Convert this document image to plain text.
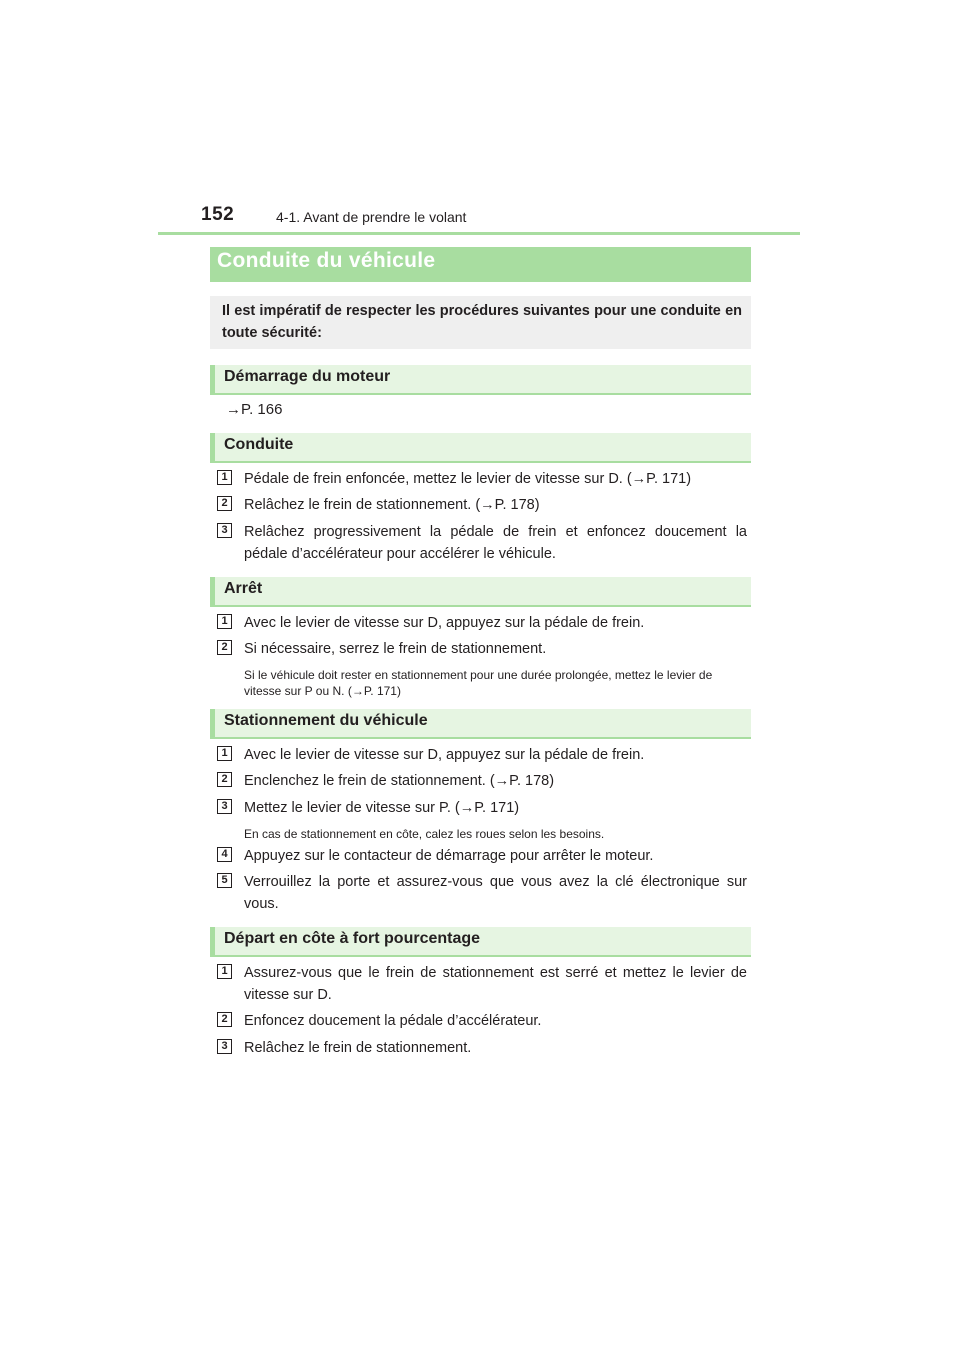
152	4-1. Avant de prendre le volant
Conduite du véhicule

Il est impératif de respecter les procédures suivantes pour une conduite en toute sécurité:

Démarrage du moteur
→P. 166
Conduite
1	Pédale de frein enfoncée, mettez le levier de vitesse sur D. (→P. 171)
2	Relâchez le frein de stationnement. (→P. 178)
3	Relâchez progressivement la pédale de frein et enfoncez doucement la pédale d’accélérateur pour accélérer le véhicule.
Arrêt
1	Avec le levier de vitesse sur D, appuyez sur la pédale de frein.
2	Si nécessaire, serrez le frein de stationnement.
Si le véhicule doit rester en stationnement pour une durée prolongée, mettez le levier de vitesse sur P ou N. (→P. 171)
Stationnement du véhicule
1	Avec le levier de vitesse sur D, appuyez sur la pédale de frein.
2	Enclenchez le frein de stationnement. (→P. 178)
3	Mettez le levier de vitesse sur P. (→P. 171)
En cas de stationnement en côte, calez les roues selon les besoins.
4	Appuyez sur le contacteur de démarrage pour arrêter le moteur.
5	Verrouillez la porte et assurez-vous que vous avez la clé électronique sur vous.
Départ en côte à fort pourcentage
1	Assurez-vous que le frein de stationnement est serré et mettez le levier de vitesse sur D.
2	Enfoncez doucement la pédale d’accélérateur.
3	Relâchez le frein de stationnement.
